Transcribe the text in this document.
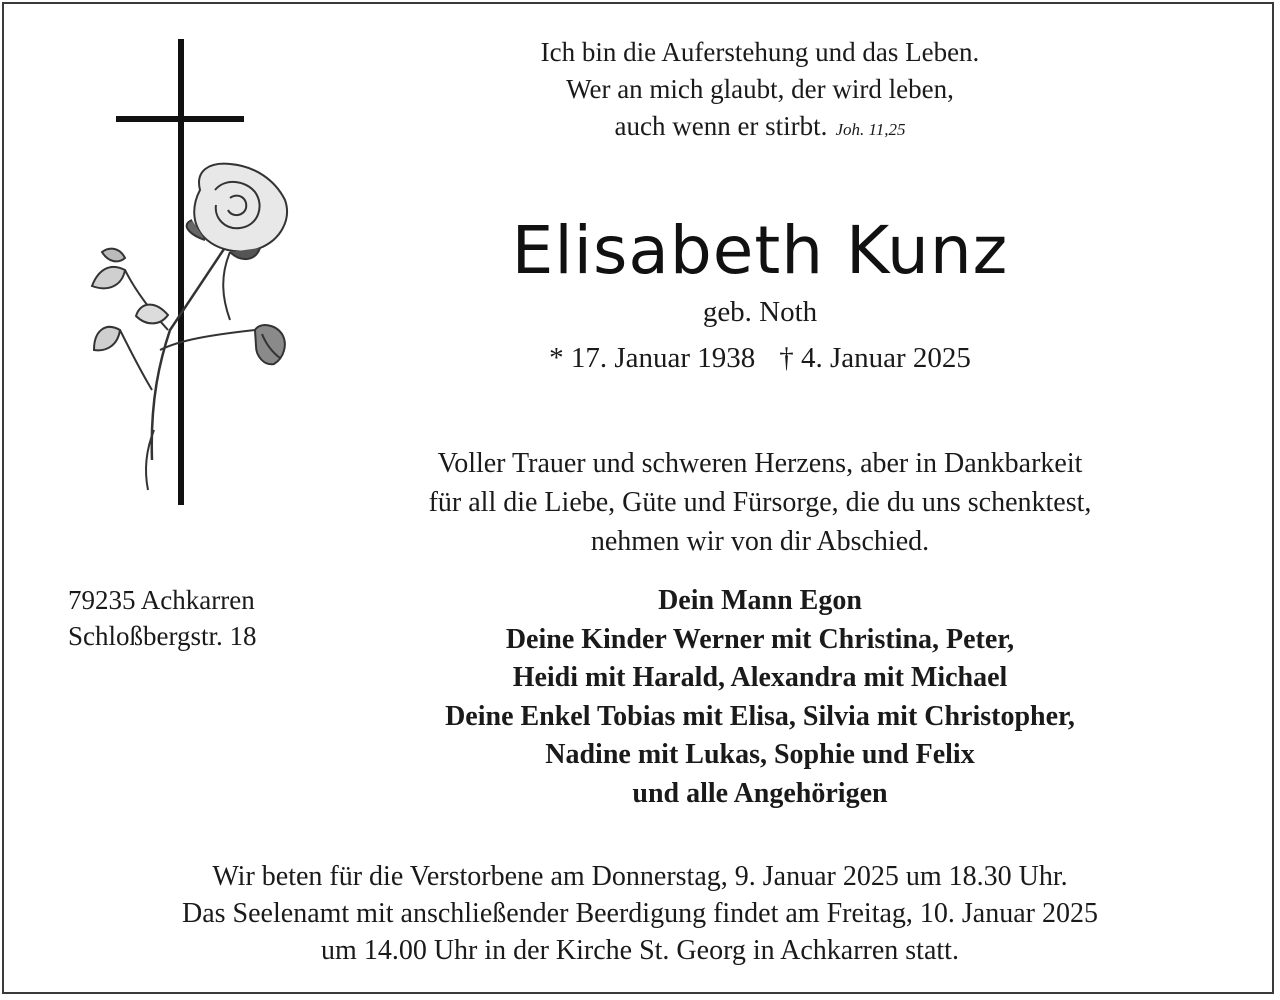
Ich bin die Auferstehung und das Leben.
Wer an mich glaubt, der wird leben,
auch wenn er stirbt. Joh. 11,25
Elisabeth Kunz
geb. Noth
* 17. Januar 1938 † 4. Januar 2025
Voller Trauer und schweren Herzens, aber in Dankbarkeit
für all die Liebe, Güte und Fürsorge, die du uns schenktest,
nehmen wir von dir Abschied.
79235 Achkarren
Schloßbergstr. 18
Dein Mann Egon
Deine Kinder Werner mit Christina, Peter,
Heidi mit Harald, Alexandra mit Michael
Deine Enkel Tobias mit Elisa, Silvia mit Christopher,
Nadine mit Lukas, Sophie und Felix
und alle Angehörigen
Wir beten für die Verstorbene am Donnerstag, 9. Januar 2025 um 18.30 Uhr.
Das Seelenamt mit anschließender Beerdigung findet am Freitag, 10. Januar 2025
um 14.00 Uhr in der Kirche St. Georg in Achkarren statt.
